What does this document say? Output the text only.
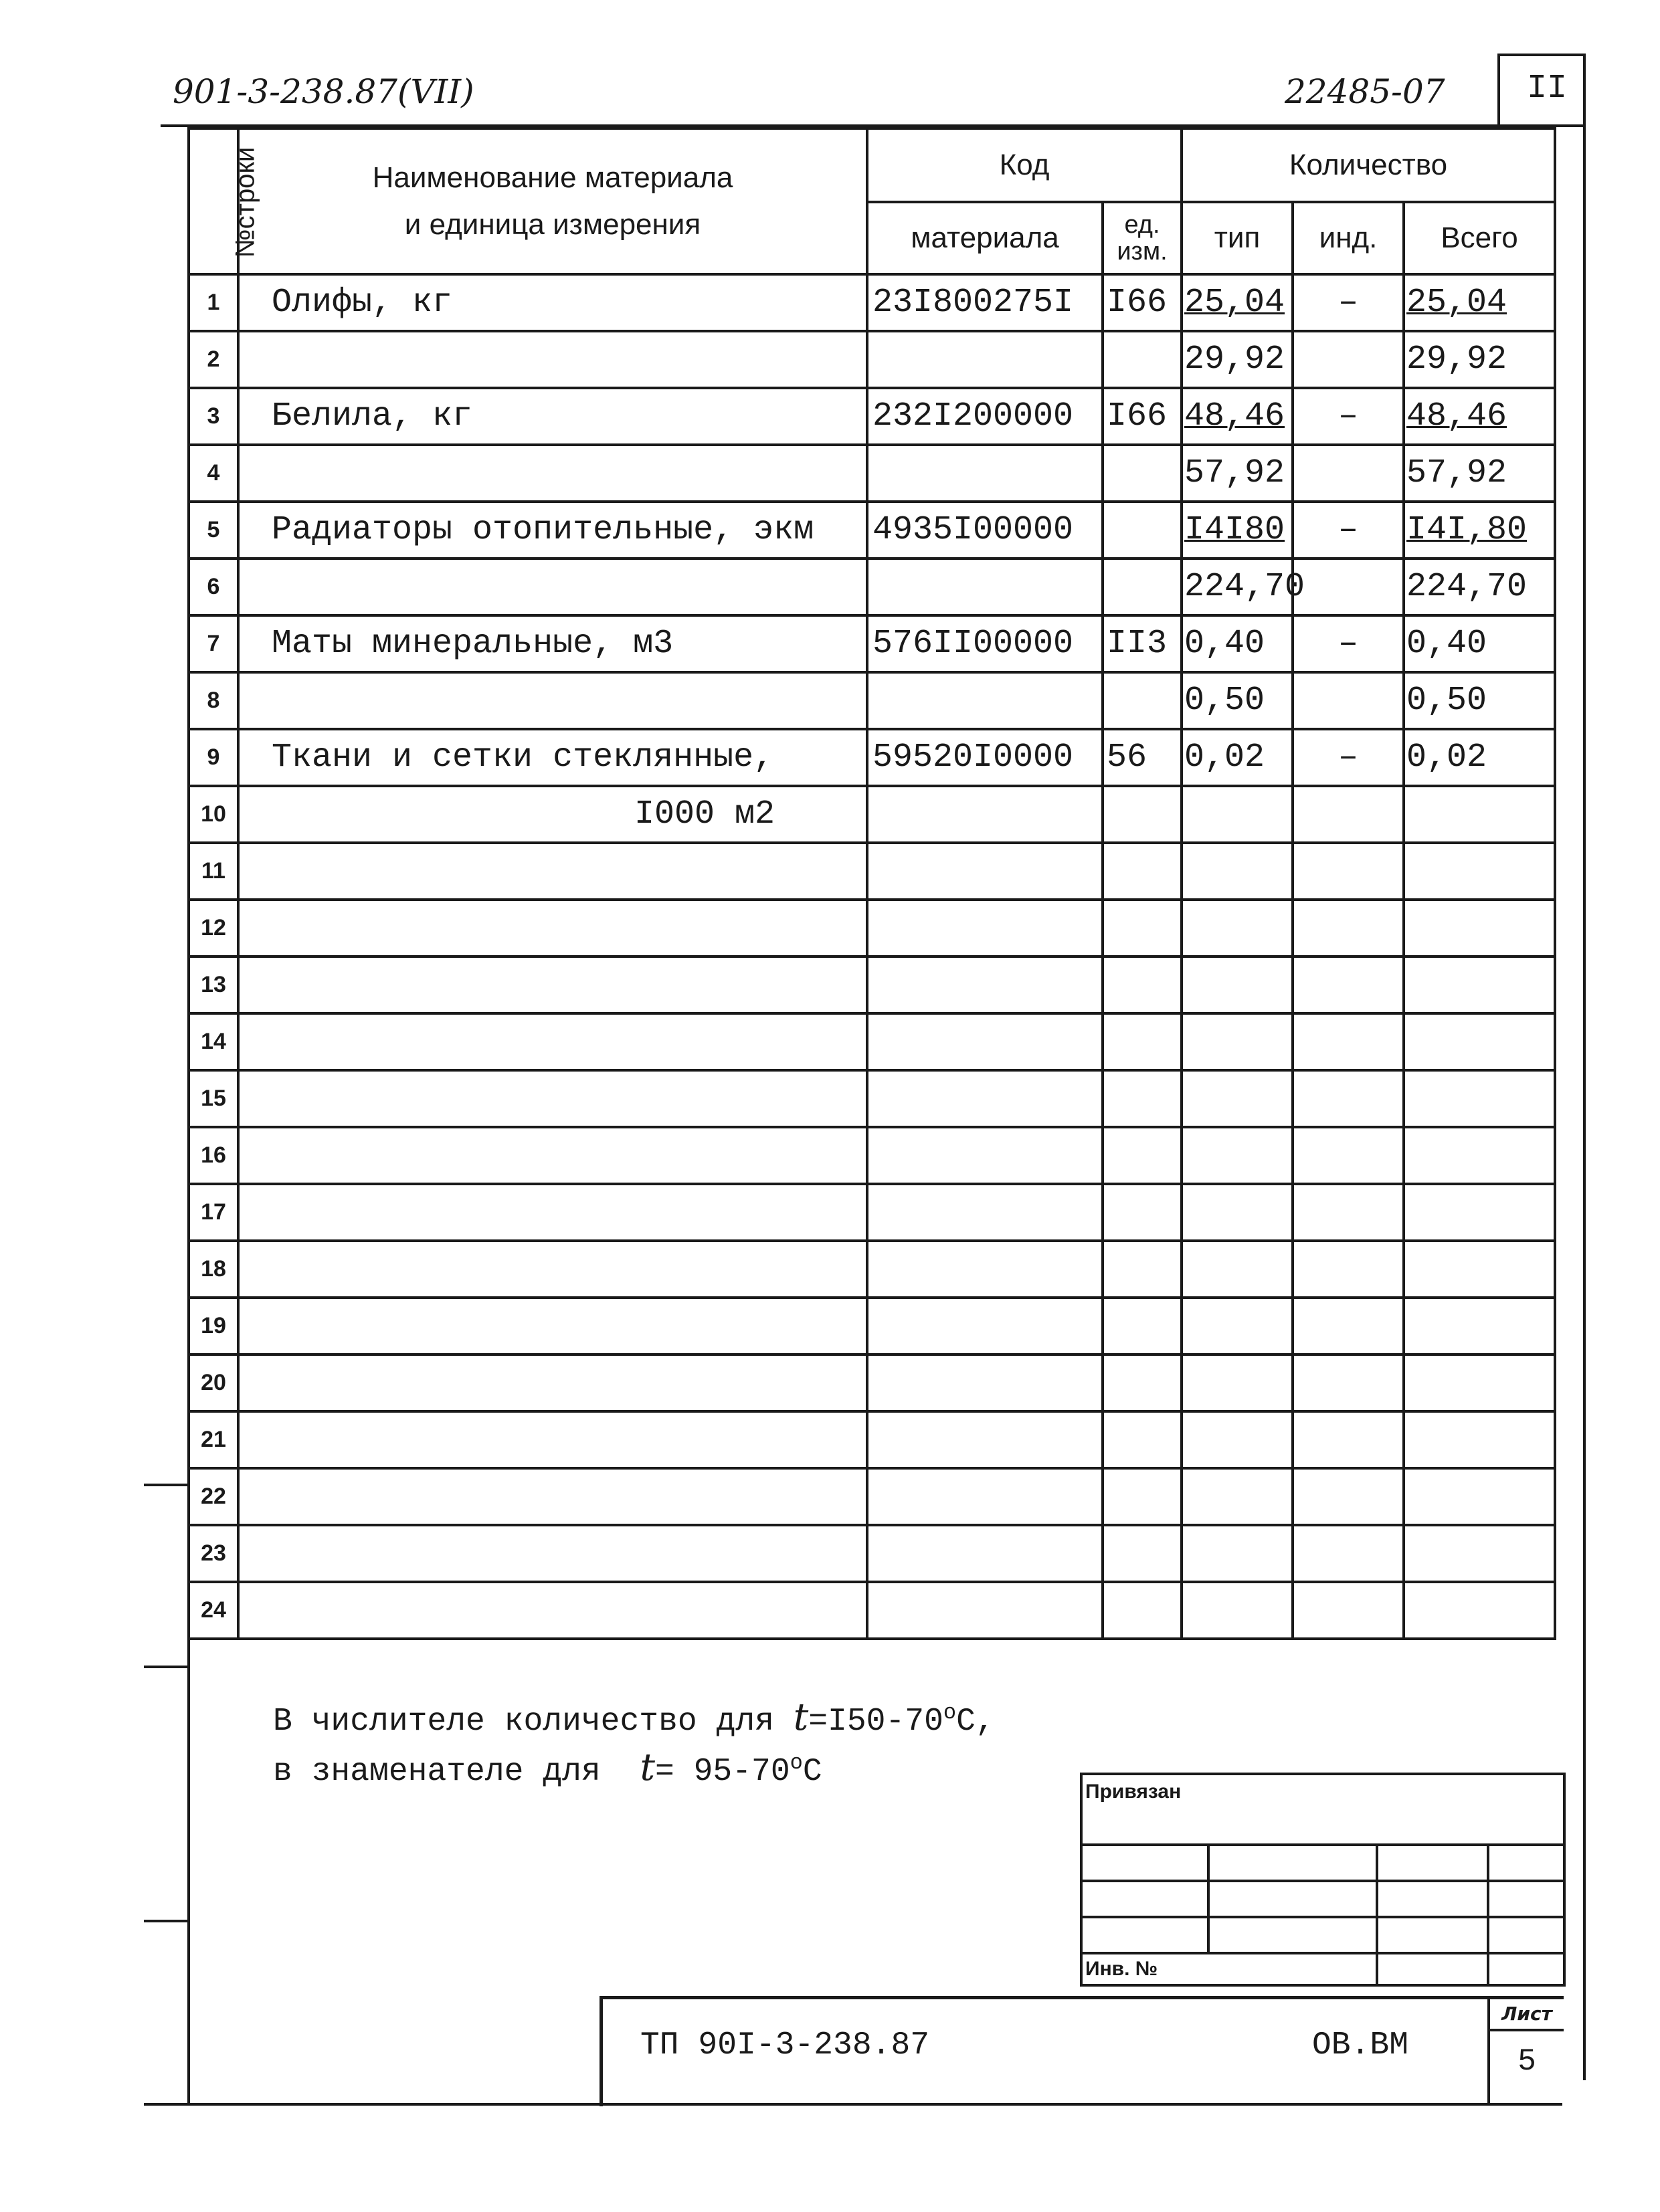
901-3-238.87(VII)	22485-07 II
№строки	Наименование материала
и единица измерения	Код		Количество		
		материала	ед. изм.	тип	инд.	Всего
1	Олифы, кг	23I800275I	I66	25,04	–	25,04
2				29,92		29,92
3	Белила, кг	232I200000	I66	48,46	–	48,46
4				57,92		57,92
5	Радиаторы отопительные, экм	4935I00000		I4I80	–	I4I,80
6				224,70		224,70
7	Маты минеральные, м3	576II00000	II3	0,40	–	0,40
8				0,50		0,50
9	Ткани и сетки стеклянные,	59520I0000	56	0,02	–	0,02
10	I000 м2					
11						
12						
13						
14						
15						
16						
17						
18						
19						
20						
21						
22						
23						
24						
В числителе количество для $t=I50-70^oС$,
в знаменателе для $t= 95-70^oС$
Привязан			

Инв. №			
ТП 90I-3-238.87	ОВ.ВМ
Лист
5
